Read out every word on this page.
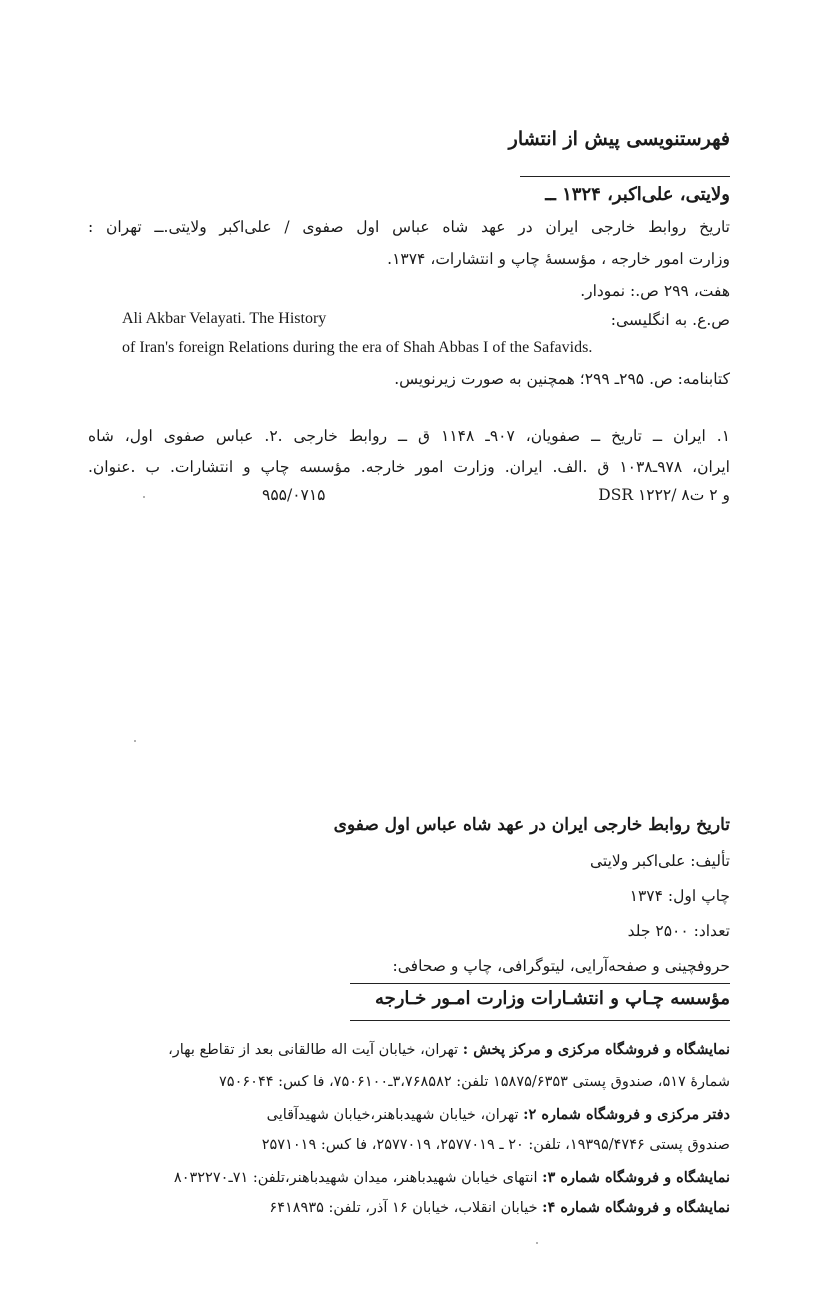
فهرستنویسی پیش از انتشار
ولایتی، علی‌اکبر، ۱۳۲۴ ــ
تاریخ روابط خارجی ایران در عهد شاه عباس اول صفوی / علی‌اکبر ولایتی.ــ تهران :
وزارت امور خارجه ، مؤسسهٔ چاپ و انتشارات، ۱۳۷۴.
هفت، ۲۹۹ ص.: نمودار.
ص.ع. به انگلیسی:
Ali Akbar Velayati. The History
of Iran's foreign Relations during the era of Shah Abbas I of the Safavids.
کتابنامه: ص. ۲۹۵ـ ۲۹۹؛ همچنین به صورت زیرنویس.
۱. ایران ــ تاریخ ــ صفویان، ۹۰۷ـ ۱۱۴۸ ق ــ روابط خارجی .۲. عباس صفوی اول، شاه
ایران، ۹۷۸ـ۱۰۳۸ ق .الف. ایران. وزارت امور خارجه. مؤسسه چاپ و انتشارات. ب .عنوان.
DSR ۱۲۲۲/ ۸و ۲ ت
۹۵۵/۰۷۱۵
تاریخ روابط خارجی ایران در عهد شاه عباس اول صفوی
تألیف: علی‌اکبر ولایتی
چاپ اول: ۱۳۷۴
تعداد: ۲۵۰۰ جلد
حروفچینی و صفحه‌آرایی، لیتوگرافی، چاپ و صحافی:
مؤسسه چـاپ و انتشـارات وزارت امـور خـارجه
نمایشگاه و فروشگاه مرکزی و مرکز پخش : تهران، خیابان آیت اله طالقانی بعد از تقاطع بهار،
شمارهٔ ۵۱۷، صندوق پستی ۱۵۸۷۵/۶۳۵۳ تلفن: ۳،۷۶۸۵۸۲ـ۷۵۰۶۱۰۰، فا کس: ۷۵۰۶۰۴۴
دفتر مرکزی و فروشگاه شماره ۲: تهران، خیابان شهیدباهنر،خیابان شهیدآقایی
صندوق پستی ۱۹۳۹۵/۴۷۴۶، تلفن: ۲۰ ـ ۲۵۷۷۰۱۹، ۲۵۷۷۰۱۹، فا کس: ۲۵۷۱۰۱۹
نمایشگاه و فروشگاه شماره ۳: انتهای خیابان شهیدباهنر، میدان شهیدباهنر،تلفن: ۷۱ـ۸۰۳۲۲۷۰
نمایشگاه و فروشگاه شماره ۴: خیابان انقلاب، خیابان ۱۶ آذر، تلفن: ۶۴۱۸۹۳۵
